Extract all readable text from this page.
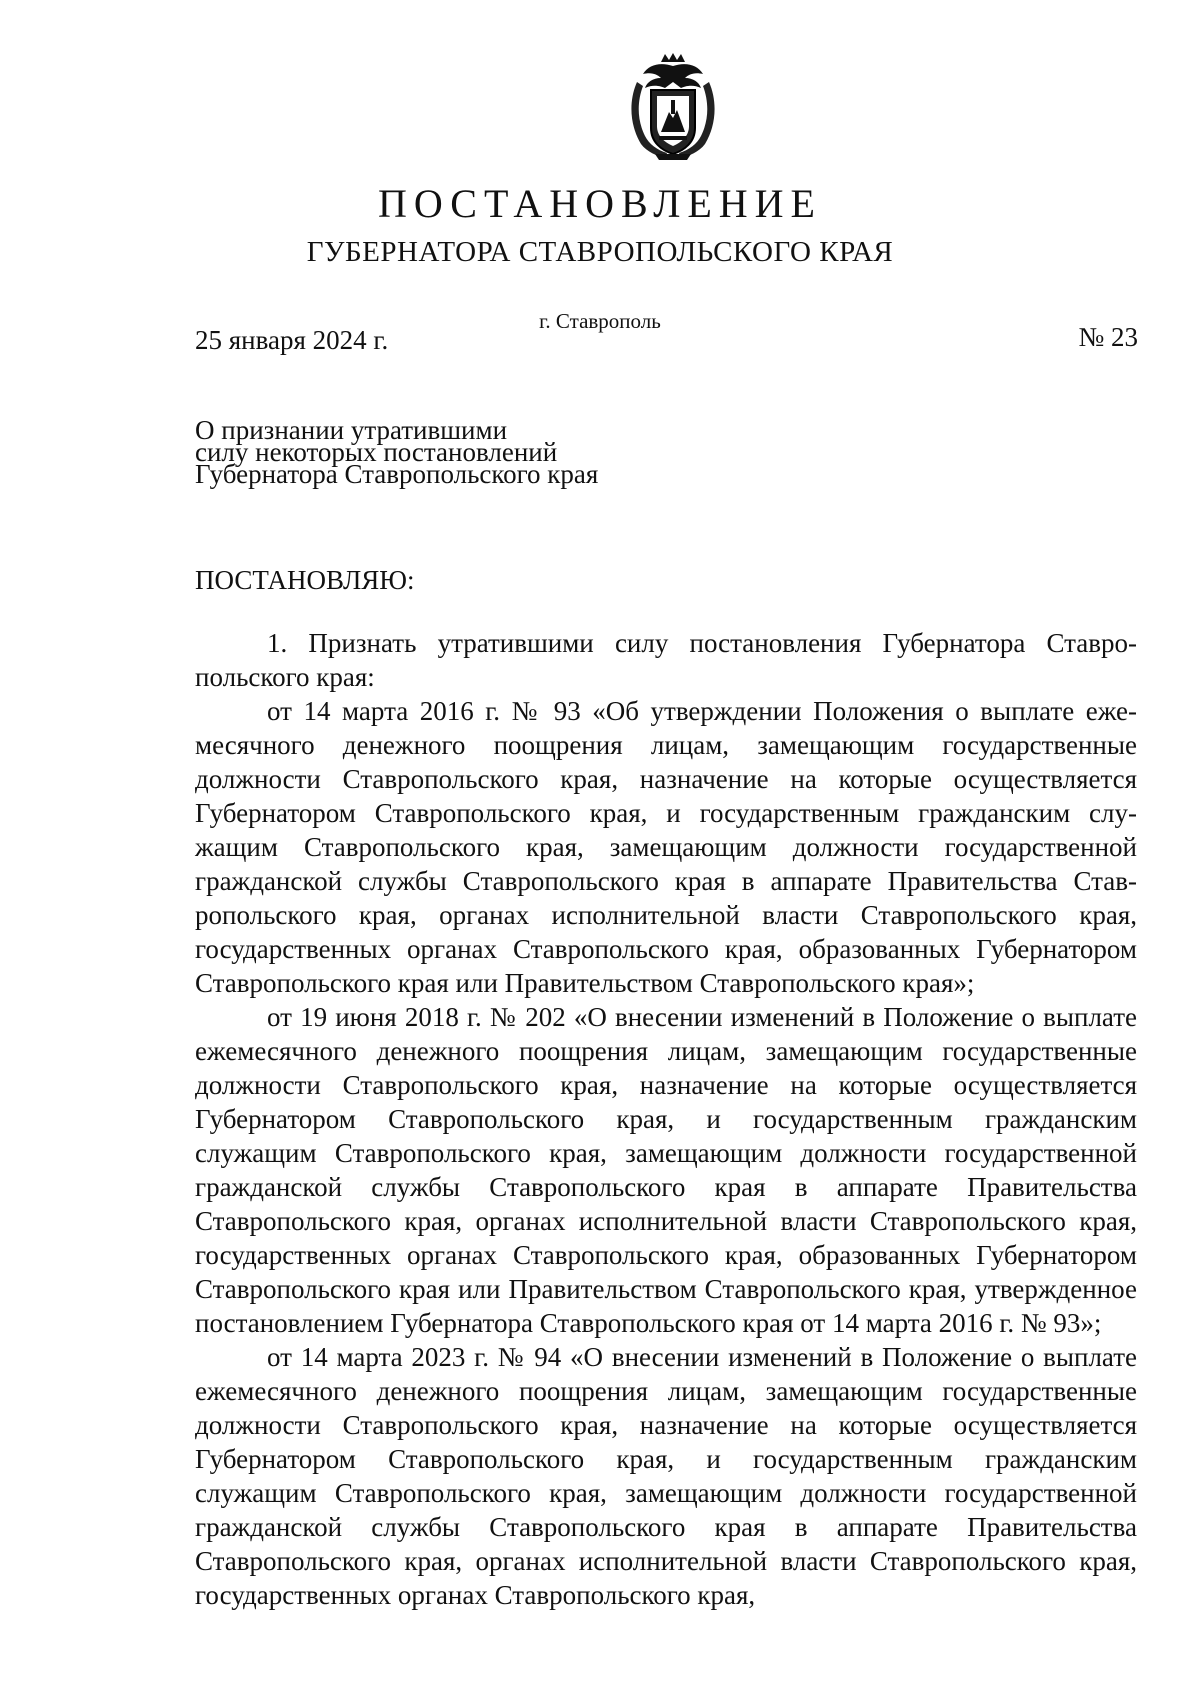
ПОСТАНОВЛЕНИЕ
ГУБЕРНАТОРА СТАВРОПОЛЬСКОГО КРАЯ
г. Ставрополь
25 января 2024 г.	№ 23
О признании утратившими
силу некоторых постановлений
Губернатора Ставропольского края
ПОСТАНОВЛЯЮ:

1. Признать утратившими силу постановления Губернатора Ставропольского края:

от 14 марта 2016 г. № 93 «Об утверждении Положения о выплате ежемесячного денежного поощрения лицам, замещающим государственные должности Ставропольского края, назначение на которые осуществляется Губернатором Ставропольского края, и государственным гражданским служащим Ставропольского края, замещающим должности государственной гражданской службы Ставропольского края в аппарате Правительства Ставропольского края, органах исполнительной власти Ставропольского края, государственных органах Ставропольского края, образованных Губернатором Ставропольского края или Правительством Ставропольского края»;

от 19 июня 2018 г. № 202 «О внесении изменений в Положение о выплате ежемесячного денежного поощрения лицам, замещающим государственные должности Ставропольского края, назначение на которые осуществляется Губернатором Ставропольского края, и государственным гражданским служащим Ставропольского края, замещающим должности государственной гражданской службы Ставропольского края в аппарате Правительства Ставропольского края, органах исполнительной власти Ставропольского края, государственных органах Ставропольского края, образованных Губернатором Ставропольского края или Правительством Ставропольского края, утвержденное постановлением Губернатора Ставропольского края от 14 марта 2016 г. № 93»;

от 14 марта 2023 г. № 94 «О внесении изменений в Положение о выплате ежемесячного денежного поощрения лицам, замещающим государственные должности Ставропольского края, назначение на которые осуществляется Губернатором Ставропольского края, и государственным гражданским служащим Ставропольского края, замещающим должности государственной гражданской службы Ставропольского края в аппарате Правительства Ставропольского края, органах исполнительной власти Ставропольского края, государственных органах Ставропольского края,
